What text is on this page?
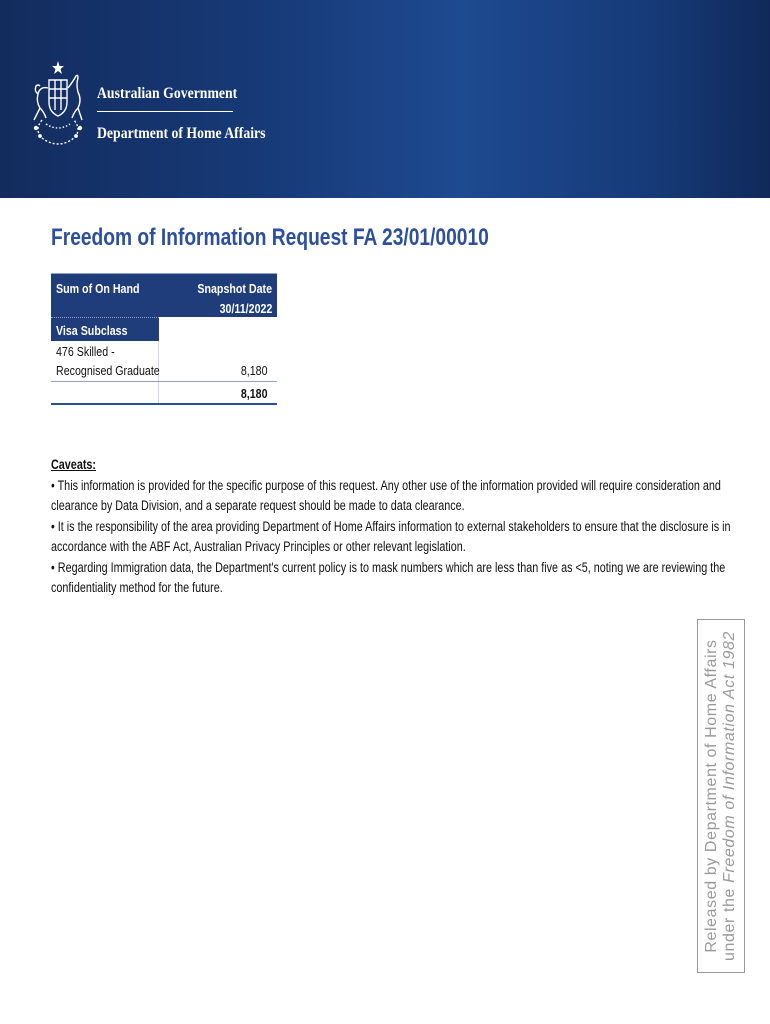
Australian Government
Department of Home Affairs
Freedom of Information Request FA 23/01/00010
Sum of On Hand	Snapshot Date
30/11/2022
Visa Subclass
476 Skilled -
Recognised Graduate	8,180
8,180
Caveats:
• This information is provided for the specific purpose of this request. Any other use of the information provided will require consideration and
clearance by Data Division, and a separate request should be made to data clearance.
• It is the responsibility of the area providing Department of Home Affairs information to external stakeholders to ensure that the disclosure is in
accordance with the ABF Act, Australian Privacy Principles or other relevant legislation.
• Regarding Immigration data, the Department's current policy is to mask numbers which are less than five as <5, noting we are reviewing the
confidentiality method for the future.
Released by Department of Home Affairs under the Freedom of Information Act 1982
